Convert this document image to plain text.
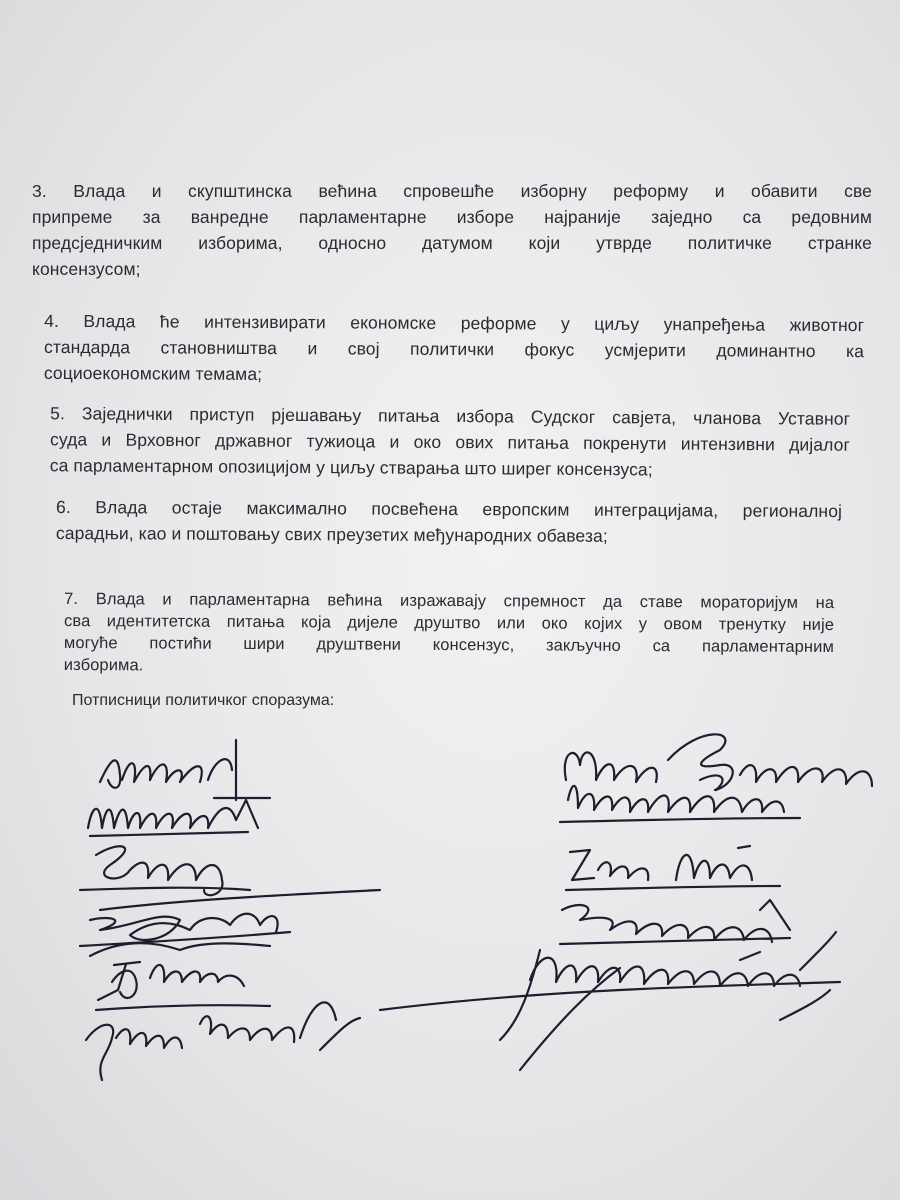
3. Влада и скупштинска већина спровешће изборну реформу и обавити све
припреме за ванредне парламентарне изборе најраније заједно са редовним
предсједничким изборима, односно датумом који утврде политичке странке
консензусом;
4. Влада ће интензивирати економске реформе у циљу унапређења животног
стандарда становништва и свој политички фокус усмјерити доминантно ка
социоекономским темама;
5. Заједнички приступ рјешавању питања избора Судског савјета, чланова Уставног
суда и Врховног државног тужиоца и око ових питања покренути интензивни дијалог
са парламентарном опозицијом у циљу стварања што ширег консензуса;
6. Влада остаје максимално посвећена европским интеграцијама, регионалној
сарадњи, као и поштовању свих преузетих међународних обавеза;
7. Влада и парламентарна већина изражавају спремност да ставе мораторијум на
сва идентитетска питања која дијеле друштво или око којих у овом тренутку није
могуће постићи шири друштвени консензус, закључно са парламентарним
изборима.
Потписници политичког споразума:
